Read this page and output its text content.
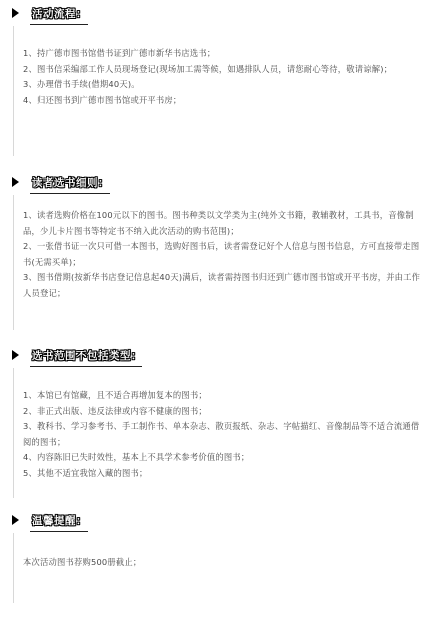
活动流程：

1、持广德市图书馆借书证到广德市新华书店选书；

2、图书信采编部工作人员现场登记(现场加工需等候，如遇排队人员，请您耐心等待，敬请谅解)；

3、办理借书手续(借期40天)。

4、归还图书到广德市图书馆或开平书房；

读者选书细则：

1、读者选购价格在100元以下的图书。图书种类以文学类为主(纯外文书籍，教辅教材，工具书，音像制品，少儿卡片图书等特定书不纳入此次活动的购书范围)；

2、一张借书证一次只可借一本图书，选购好图书后，读者需登记好个人信息与图书信息，方可直接带走图书(无需买单)；

3、图书借期(按新华书店登记信息起40天)满后，读者需持图书归还到广德市图书馆或开平书房，并由工作人员登记；

选书范围不包括类型：

1、本馆已有馆藏，且不适合再增加复本的图书；

2、非正式出版、违反法律或内容不健康的图书；

3、教科书、学习参考书、手工制作书、单本杂志、散页报纸、杂志、字帖描红、音像制品等不适合流通借阅的图书；

4、内容陈旧已失时效性，基本上不具学术参考价值的图书；

5、其他不适宜我馆入藏的图书；

温馨提醒：

本次活动图书荐购500册截止；
